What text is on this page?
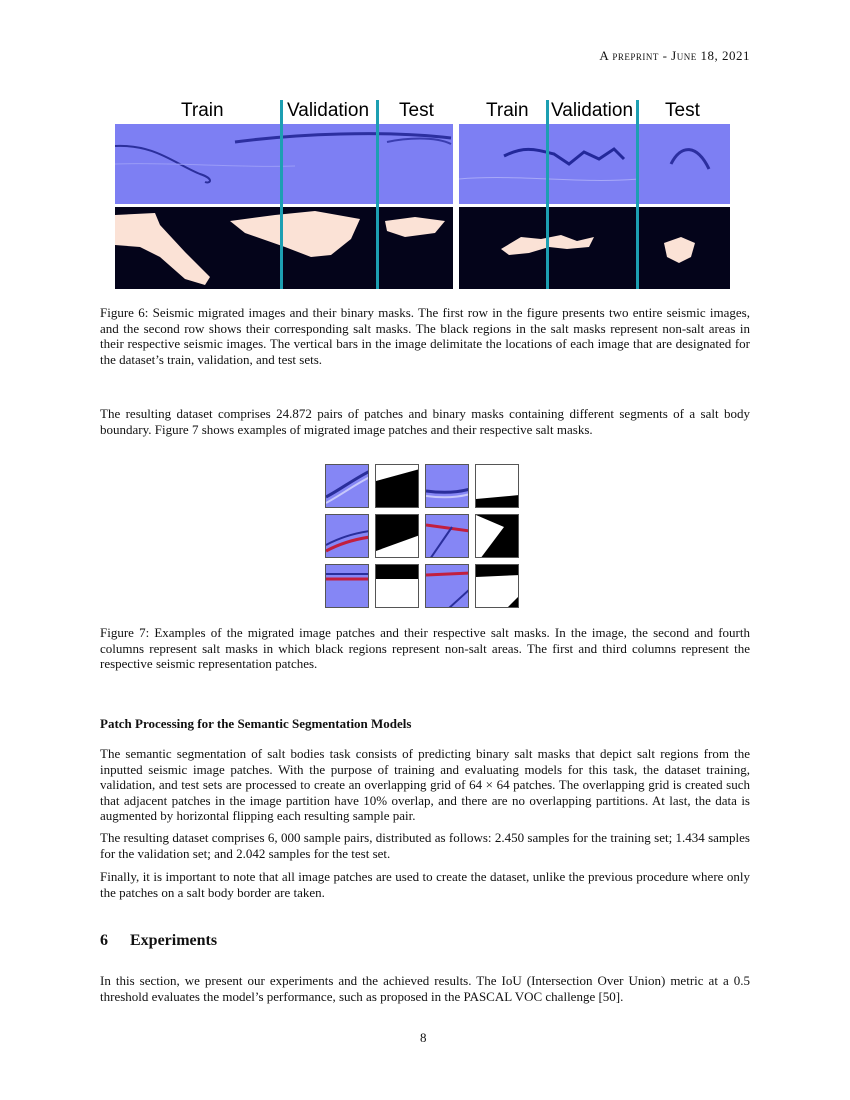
A preprint - June 18, 2021
Train	Validation Test	Train Validation Test
Figure 6: Seismic migrated images and their binary masks. The first row in the figure presents two entire seismic images, and the second row shows their corresponding salt masks. The black regions in the salt masks represent non-salt areas in their respective seismic images. The vertical bars in the image delimitate the locations of each image that are designated for the dataset’s train, validation, and test sets.
The resulting dataset comprises 24.872 pairs of patches and binary masks containing different segments of a salt body boundary. Figure 7 shows examples of migrated image patches and their respective salt masks.
Figure 7: Examples of the migrated image patches and their respective salt masks. In the image, the second and fourth columns represent salt masks in which black regions represent non-salt areas. The first and third columns represent the respective seismic representation patches.
Patch Processing for the Semantic Segmentation Models
The semantic segmentation of salt bodies task consists of predicting binary salt masks that depict salt regions from the inputted seismic image patches. With the purpose of training and evaluating models for this task, the dataset training, validation, and test sets are processed to create an overlapping grid of 64 × 64 patches. The overlapping grid is created such that adjacent patches in the image partition have 10% overlap, and there are no overlapping partitions. At last, the data is augmented by horizontal flipping each resulting sample pair.
The resulting dataset comprises 6, 000 sample pairs, distributed as follows: 2.450 samples for the training set; 1.434 samples for the validation set; and 2.042 samples for the test set.
Finally, it is important to note that all image patches are used to create the dataset, unlike the previous procedure where only the patches on a salt body border are taken.
6 Experiments
In this section, we present our experiments and the achieved results. The IoU (Intersection Over Union) metric at a 0.5 threshold evaluates the model’s performance, such as proposed in the PASCAL VOC challenge [50].
8
